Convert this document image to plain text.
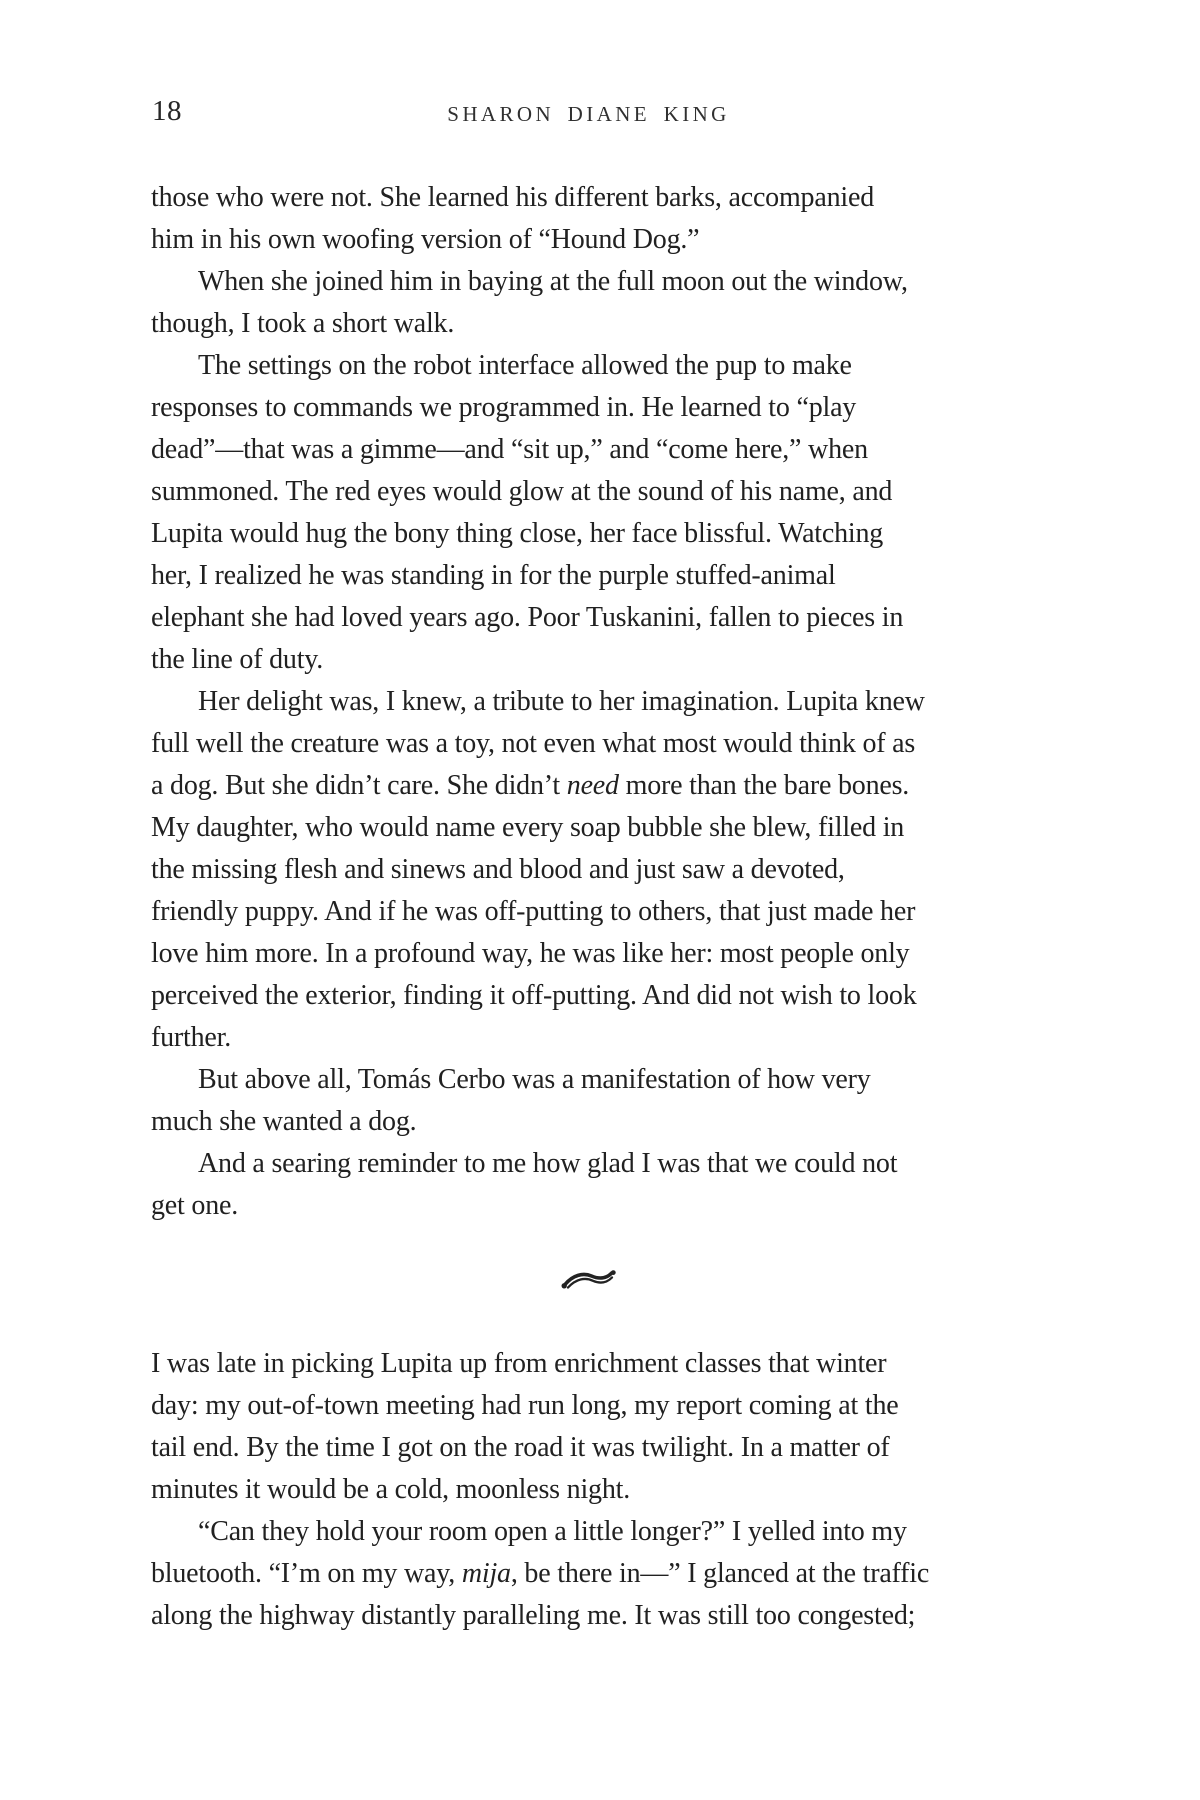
18	SHARON DIANE KING
those who were not. She learned his different barks, accompanied
him in his own woofing version of “Hound Dog.”
When she joined him in baying at the full moon out the window,
though, I took a short walk.
The settings on the robot interface allowed the pup to make
responses to commands we programmed in. He learned to “play
dead”—that was a gimme—and “sit up,” and “come here,” when
summoned. The red eyes would glow at the sound of his name, and
Lupita would hug the bony thing close, her face blissful. Watching
her, I realized he was standing in for the purple stuffed-animal
elephant she had loved years ago. Poor Tuskanini, fallen to pieces in
the line of duty.
Her delight was, I knew, a tribute to her imagination. Lupita knew
full well the creature was a toy, not even what most would think of as
a dog. But she didn’t care. She didn’t need more than the bare bones.
My daughter, who would name every soap bubble she blew, filled in
the missing flesh and sinews and blood and just saw a devoted,
friendly puppy. And if he was off-putting to others, that just made her
love him more. In a profound way, he was like her: most people only
perceived the exterior, finding it off-putting. And did not wish to look
further.
But above all, Tomás Cerbo was a manifestation of how very
much she wanted a dog.
And a searing reminder to me how glad I was that we could not
get one.
I was late in picking Lupita up from enrichment classes that winter
day: my out-of-town meeting had run long, my report coming at the
tail end. By the time I got on the road it was twilight. In a matter of
minutes it would be a cold, moonless night.
“Can they hold your room open a little longer?” I yelled into my
bluetooth. “I’m on my way, mija, be there in—” I glanced at the traffic
along the highway distantly paralleling me. It was still too congested;
